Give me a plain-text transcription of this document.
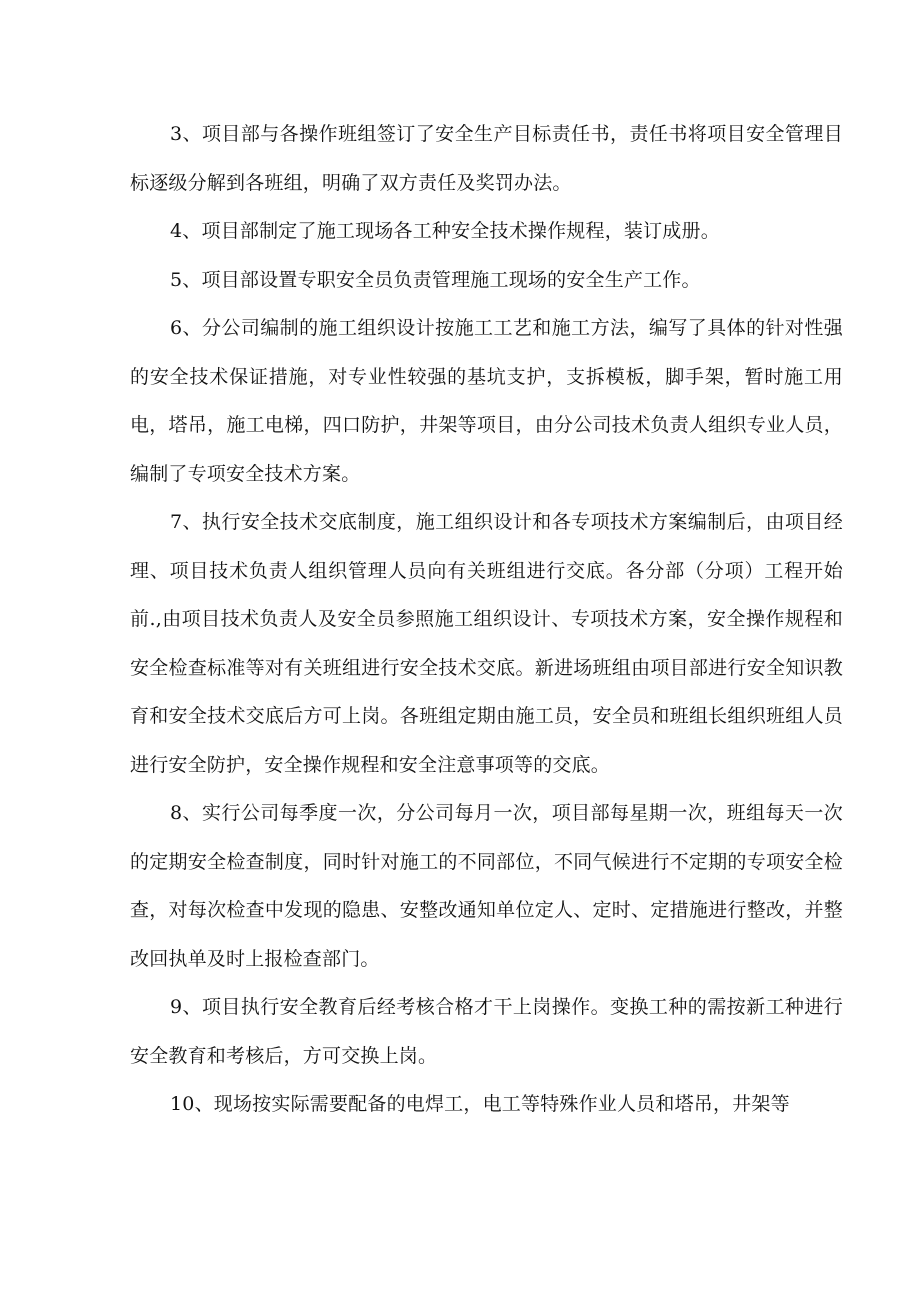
3、项目部与各操作班组签订了安全生产目标责任书，责任书将项目安全管理目标逐级分解到各班组，明确了双方责任及奖罚办法。

4、项目部制定了施工现场各工种安全技术操作规程，装订成册。

5、项目部设置专职安全员负责管理施工现场的安全生产工作。

6、分公司编制的施工组织设计按施工工艺和施工方法，编写了具体的针对性强的安全技术保证措施，对专业性较强的基坑支护，支拆模板，脚手架，暂时施工用电，塔吊，施工电梯，四口防护，井架等项目，由分公司技术负责人组织专业人员，编制了专项安全技术方案。

7、执行安全技术交底制度，施工组织设计和各专项技术方案编制后，由项目经理、项目技术负责人组织管理人员向有关班组进行交底。各分部（分项）工程开始前.,由项目技术负责人及安全员参照施工组织设计、专项技术方案，安全操作规程和安全检查标准等对有关班组进行安全技术交底。新进场班组由项目部进行安全知识教育和安全技术交底后方可上岗。各班组定期由施工员，安全员和班组长组织班组人员进行安全防护，安全操作规程和安全注意事项等的交底。

8、实行公司每季度一次，分公司每月一次，项目部每星期一次，班组每天一次的定期安全检查制度，同时针对施工的不同部位，不同气候进行不定期的专项安全检查，对每次检查中发现的隐患、安整改通知单位定人、定时、定措施进行整改，并整改回执单及时上报检查部门。

9、项目执行安全教育后经考核合格才干上岗操作。变换工种的需按新工种进行安全教育和考核后，方可交换上岗。

10、现场按实际需要配备的电焊工，电工等特殊作业人员和塔吊，井架等
